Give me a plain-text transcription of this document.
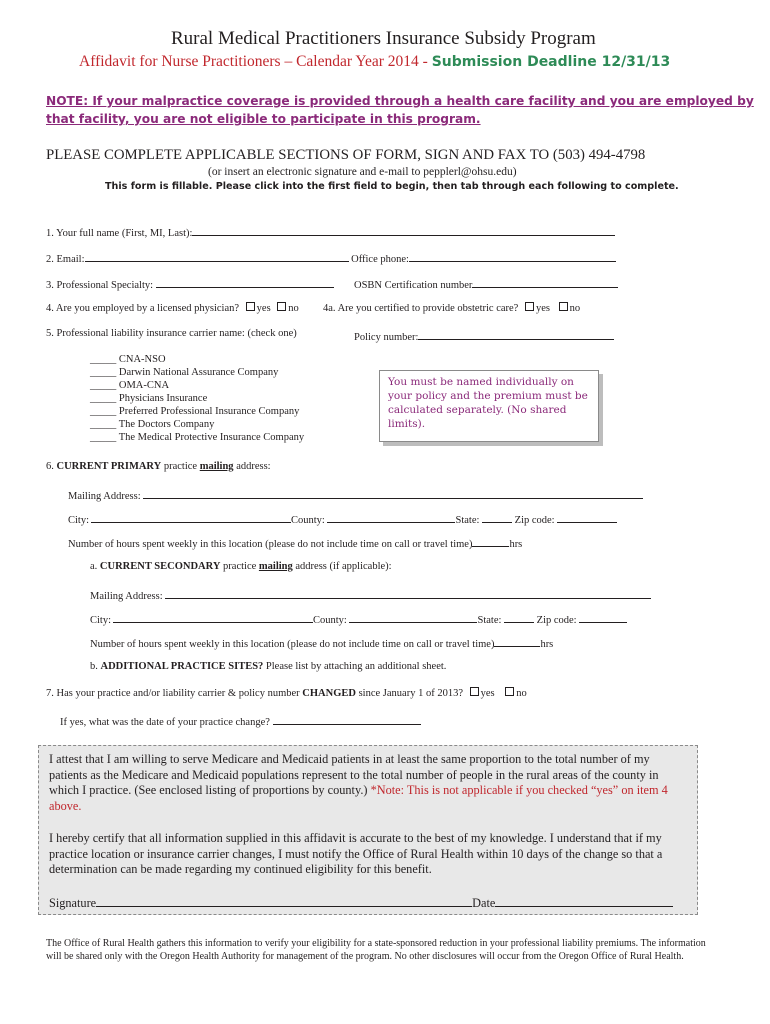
Rural Medical Practitioners Insurance Subsidy Program
Affidavit for Nurse Practitioners – Calendar Year 2014 - Submission Deadline 12/31/13
NOTE: If your malpractice coverage is provided through a health care facility and you are employed by
that facility, you are not eligible to participate in this program.
PLEASE COMPLETE APPLICABLE SECTIONS OF FORM, SIGN AND FAX TO (503) 494-4798
(or insert an electronic signature and e-mail to pepplerl@ohsu.edu)
This form is fillable. Please click into the first field to begin, then tab through each following to complete.
1. Your full name (First, MI, Last):
2. Email:	Office phone:
3. Professional Specialty:	OSBN Certification number
4. Are you employed by a licensed physician? yes no 4a. Are you certified to provide obstetric care? yes no
5. Professional liability insurance carrier name: (check one)	Policy number:
_____ CNA-NSO
_____ Darwin National Assurance Company
_____ OMA-CNA
_____ Physicians Insurance
_____ Preferred Professional Insurance Company
_____ The Doctors Company
_____ The Medical Protective Insurance Company
You must be named individually on your policy and the premium must be calculated separately. (No shared limits).
6. CURRENT PRIMARY practice mailing address:
Mailing Address:
City:	County:	State:	Zip code:
Number of hours spent weekly in this location (please do not include time on call or travel time)	hrs
a. CURRENT SECONDARY practice mailing address (if applicable):
Mailing Address:
City:	County:	State:	Zip code:
Number of hours spent weekly in this location (please do not include time on call or travel time)	hrs
b. ADDITIONAL PRACTICE SITES? Please list by attaching an additional sheet.
7. Has your practice and/or liability carrier & policy number CHANGED since January 1 of 2013? yes no
If yes, what was the date of your practice change?
I attest that I am willing to serve Medicare and Medicaid patients in at least the same proportion to the total number of my patients as the Medicare and Medicaid populations represent to the total number of people in the rural areas of the county in which I practice. (See enclosed listing of proportions by county.) *Note: This is not applicable if you checked “yes” on item 4 above.
I hereby certify that all information supplied in this affidavit is accurate to the best of my knowledge. I understand that if my practice location or insurance carrier changes, I must notify the Office of Rural Health within 10 days of the change so that a determination can be made regarding my continued eligibility for this benefit.
Signature	Date
The Office of Rural Health gathers this information to verify your eligibility for a state-sponsored reduction in your professional liability premiums. The information will be shared only with the Oregon Health Authority for management of the program. No other disclosures will occur from the Oregon Office of Rural Health.
